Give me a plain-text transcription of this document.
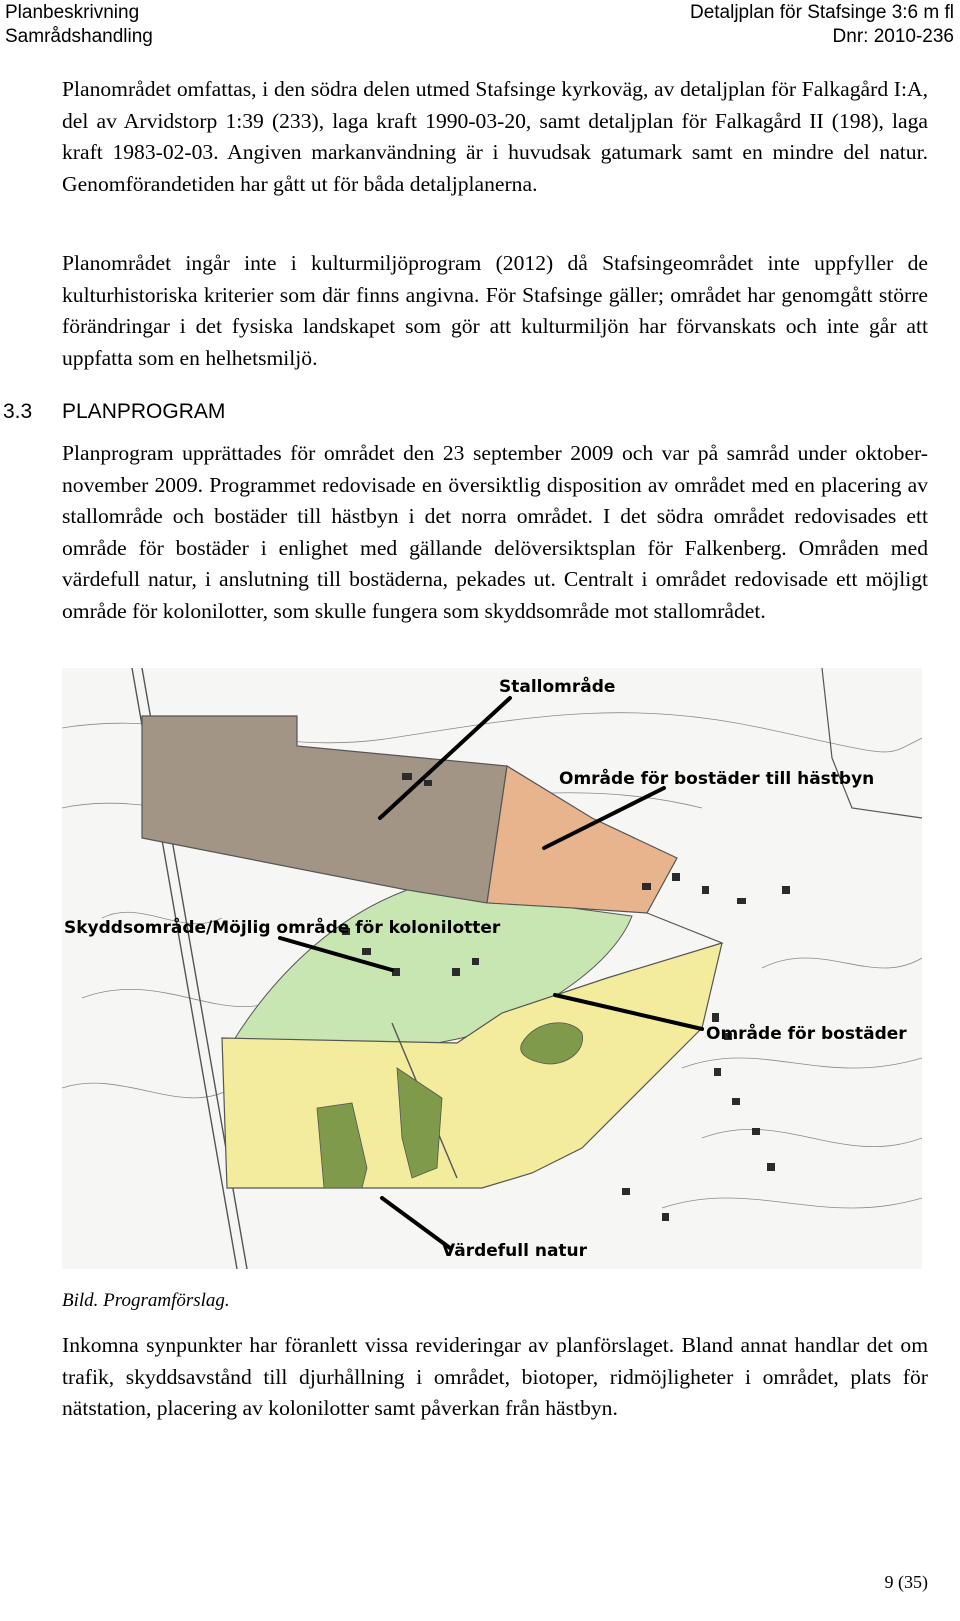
Planbeskrivning
Samrådshandling
Detaljplan för Stafsinge 3:6 m fl
Dnr: 2010-236

Planområdet omfattas, i den södra delen utmed Stafsinge kyrkoväg, av detaljplan för Falkagård I:A, del av Arvidstorp 1:39 (233), laga kraft 1990-03-20, samt detaljplan för Falkagård II (198), laga kraft 1983-02-03. Angiven markanvändning är i huvudsak gatumark samt en mindre del natur. Genomförandetiden har gått ut för båda detaljplanerna.

Planområdet ingår inte i kulturmiljöprogram (2012) då Stafsingeområdet inte uppfyller de kulturhistoriska kriterier som där finns angivna. För Stafsinge gäller; området har genomgått större förändringar i det fysiska landskapet som gör att kulturmiljön har förvanskats och inte går att uppfatta som en helhetsmiljö.

3.3 PLANPROGRAM

Planprogram upprättades för området den 23 september 2009 och var på samråd under oktober-november 2009. Programmet redovisade en översiktlig disposition av området med en placering av stallområde och bostäder till hästbyn i det norra området. I det södra området redovisades ett område för bostäder i enlighet med gällande delöversiktsplan för Falkenberg. Områden med värdefull natur, i anslutning till bostäderna, pekades ut. Centralt i området redovisade ett möjligt område för kolonilotter, som skulle fungera som skyddsområde mot stallområdet.

Stallområde
Område för bostäder till hästbyn
Skyddsområde/Möjlig område för kolonilotter
Område för bostäder
Värdefull natur
Bild. Programförslag.

Inkomna synpunkter har föranlett vissa revideringar av planförslaget. Bland annat handlar det om trafik, skyddsavstånd till djurhållning i området, biotoper, ridmöjligheter i området, plats för nätstation, placering av kolonilotter samt påverkan från hästbyn.

9 (35)
